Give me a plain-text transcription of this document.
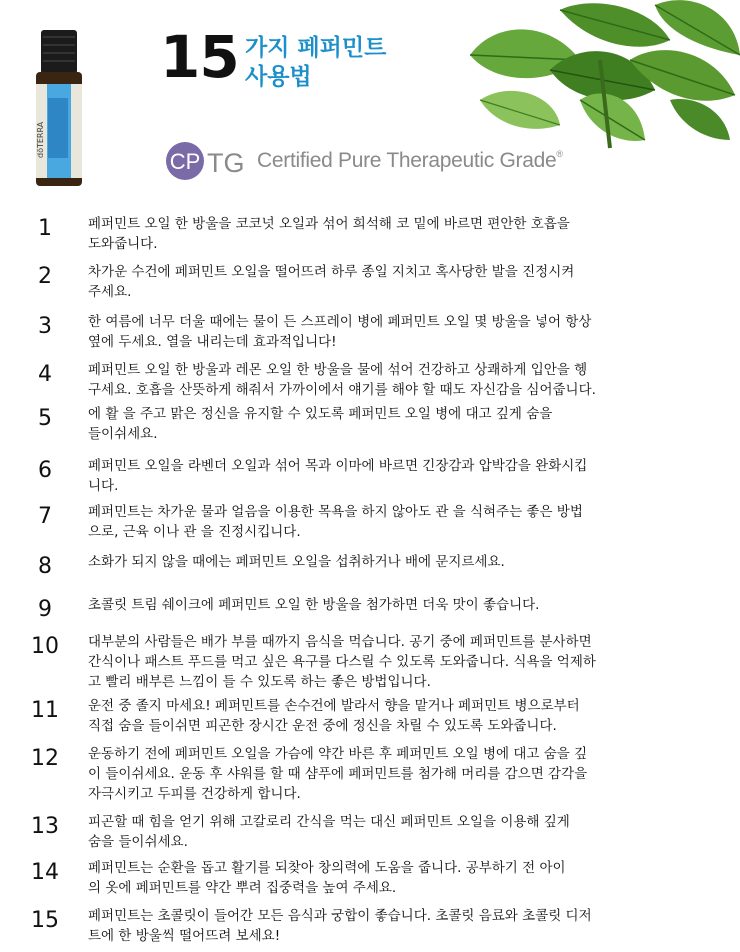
dōTERRA
15 가지 페퍼민트
사용법
CP TG Certified Pure Therapeutic Grade®
1	페퍼민트 오일 한 방울을 코코넛 오일과 섞어 희석해 코 밑에 바르면 편안한 호흡을
도와줍니다.
2	차가운 수건에 페퍼민트 오일을 떨어뜨려 하루 종일 지치고 혹사당한 발을 진정시켜
주세요.
3	한 여름에 너무 더울 때에는 물이 든 스프레이 병에 페퍼민트 오일 몇 방울을 넣어 항상
옆에 두세요. 열을 내리는데 효과적입니다!
4	페퍼민트 오일 한 방울과 레몬 오일 한 방울을 물에 섞어 건강하고 상쾌하게 입안을 헹
구세요. 호흡을 산뜻하게 해줘서 가까이에서 얘기를 해야 할 때도 자신감을 심어줍니다.
5	에 활 을 주고 맑은 정신을 유지할 수 있도록 페퍼민트 오일 병에 대고 깊게 숨을
들이쉬세요.
6	페퍼민트 오일을 라벤더 오일과 섞어 목과 이마에 바르면 긴장감과 압박감을 완화시킵
니다.
7	페퍼민트는 차가운 물과 얼음을 이용한 목욕을 하지 않아도 관 을 식혀주는 좋은 방법
으로, 근육 이나 관 을 진정시킵니다.
8	소화가 되지 않을 때에는 페퍼민트 오일을 섭취하거나 배에 문지르세요.
9	초콜릿 트림 쉐이크에 페퍼민트 오일 한 방울을 첨가하면 더욱 맛이 좋습니다.
10	대부분의 사람들은 배가 부를 때까지 음식을 먹습니다. 공기 중에 페퍼민트를 분사하면
간식이나 패스트 푸드를 먹고 싶은 욕구를 다스릴 수 있도록 도와줍니다. 식욕을 억제하
고 빨리 배부른 느낌이 들 수 있도록 하는 좋은 방법입니다.
11	운전 중 졸지 마세요! 페퍼민트를 손수건에 발라서 향을 맡거나 페퍼민트 병으로부터
직접 숨을 들이쉬면 피곤한 장시간 운전 중에 정신을 차릴 수 있도록 도와줍니다.
12	운동하기 전에 페퍼민트 오일을 가슴에 약간 바른 후 페퍼민트 오일 병에 대고 숨을 깊
이 들이쉬세요. 운동 후 샤워를 할 때 샴푸에 페퍼민트를 첨가해 머리를 감으면 감각을
자극시키고 두피를 건강하게 합니다.
13	피곤할 때 힘을 얻기 위해 고칼로리 간식을 먹는 대신 페퍼민트 오일을 이용해 깊게
숨을 들이쉬세요.
14	페퍼민트는 순환을 돕고 활기를 되찾아 창의력에 도움을 줍니다. 공부하기 전 아이
의 옷에 페퍼민트를 약간 뿌려 집중력을 높여 주세요.
15	페퍼민트는 초콜릿이 들어간 모든 음식과 궁합이 좋습니다. 초콜릿 음료와 초콜릿 디저
트에 한 방울씩 떨어뜨려 보세요!
